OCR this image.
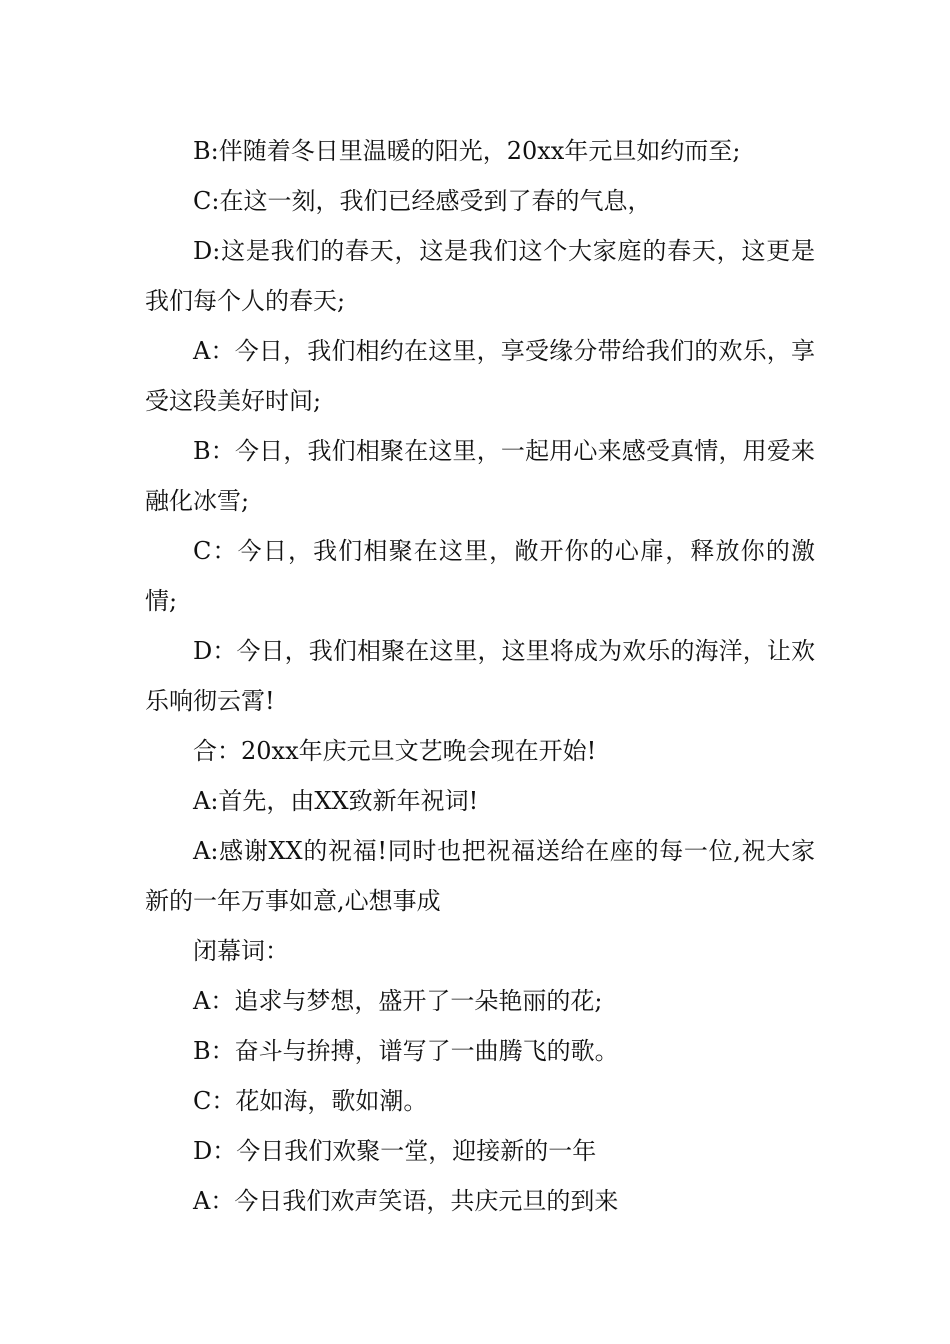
B:伴随着冬日里温暖的阳光，20xx年元旦如约而至;

C:在这一刻，我们已经感受到了春的气息，

D:这是我们的春天，这是我们这个大家庭的春天，这更是我们每个人的春天;

A：今日，我们相约在这里，享受缘分带给我们的欢乐，享受这段美好时间;

B：今日，我们相聚在这里，一起用心来感受真情，用爱来融化冰雪;

C：今日，我们相聚在这里，敞开你的心扉，释放你的激情;

D：今日，我们相聚在这里，这里将成为欢乐的海洋，让欢乐响彻云霄!

合：20xx年庆元旦文艺晚会现在开始!

A:首先，由XX致新年祝词!

A:感谢XX的祝福!同时也把祝福送给在座的每一位,祝大家新的一年万事如意,心想事成

闭幕词：

A：追求与梦想，盛开了一朵艳丽的花;

B：奋斗与拚搏，谱写了一曲腾飞的歌。

C：花如海，歌如潮。

D：今日我们欢聚一堂，迎接新的一年

A：今日我们欢声笑语，共庆元旦的到来
